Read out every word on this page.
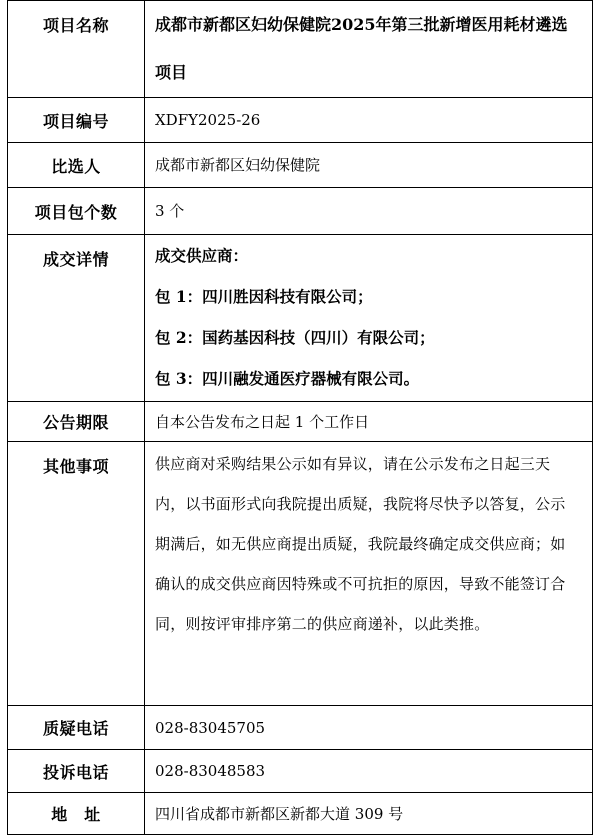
项目名称	成都市新都区妇幼保健院2025年第三批新增医用耗材遴选项目

项目编号	XDFY2025-26
比选人	成都市新都区妇幼保健院
项目包个数	3 个
成交详情	成交供应商：
包 1：四川胜因科技有限公司；
包 2：国药基因科技（四川）有限公司；
包 3：四川融发通医疗器械有限公司。

公告期限	自本公告发布之日起 1 个工作日
其他事项	供应商对采购结果公示如有异议，请在公示发布之日起三天内，以书面形式向我院提出质疑，我院将尽快予以答复，公示期满后，如无供应商提出质疑，我院最终确定成交供应商；如确认的成交供应商因特殊或不可抗拒的原因，导致不能签订合同，则按评审排序第二的供应商递补，以此类推。

质疑电话	028-83045705
投诉电话	028-83048583
地　址	四川省成都市新都区新都大道 309 号
